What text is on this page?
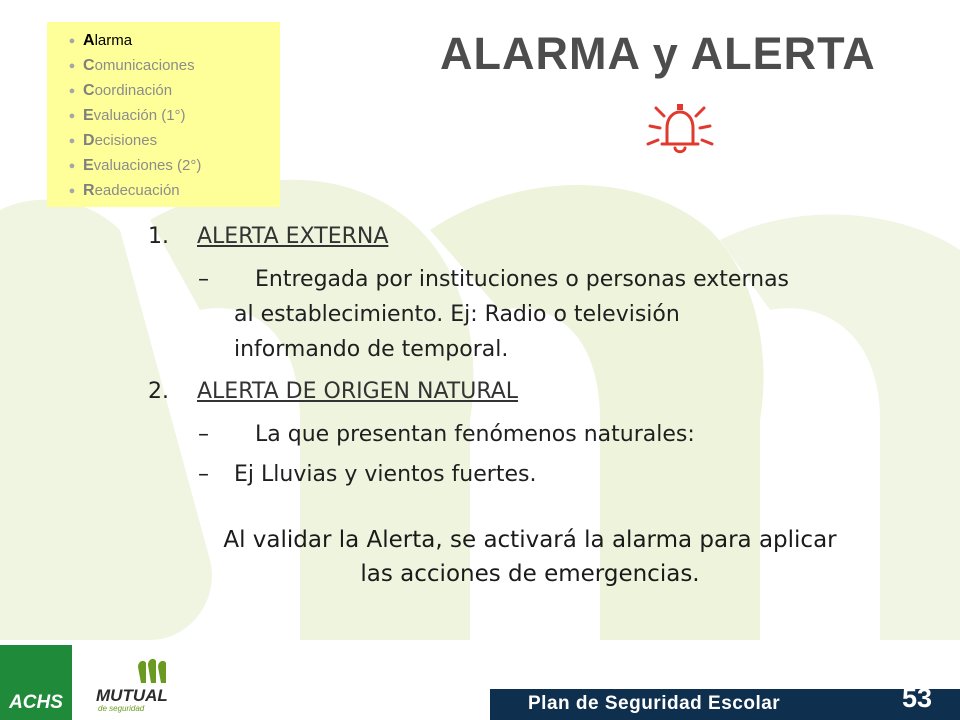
● A larma
● C omunicaciones
● C oordinación
● E valuación (1°)
● D ecisiones
● E valuaciones (2°)
● R eadecuación
ALARMA y ALERTA
1. ALERTA EXTERNA
– Entregada por instituciones o personas externas
al establecimiento. Ej: Radio o televisión
informando de temporal.
2. ALERTA DE ORIGEN NATURAL
– La que presentan fenómenos naturales:
– Ej Lluvias y vientos fuertes.
Al validar la Alerta, se activará la alarma para aplicar
las acciones de emergencias.
ACHS MUTUAL
de seguridad	Plan de Seguridad Escolar	53
